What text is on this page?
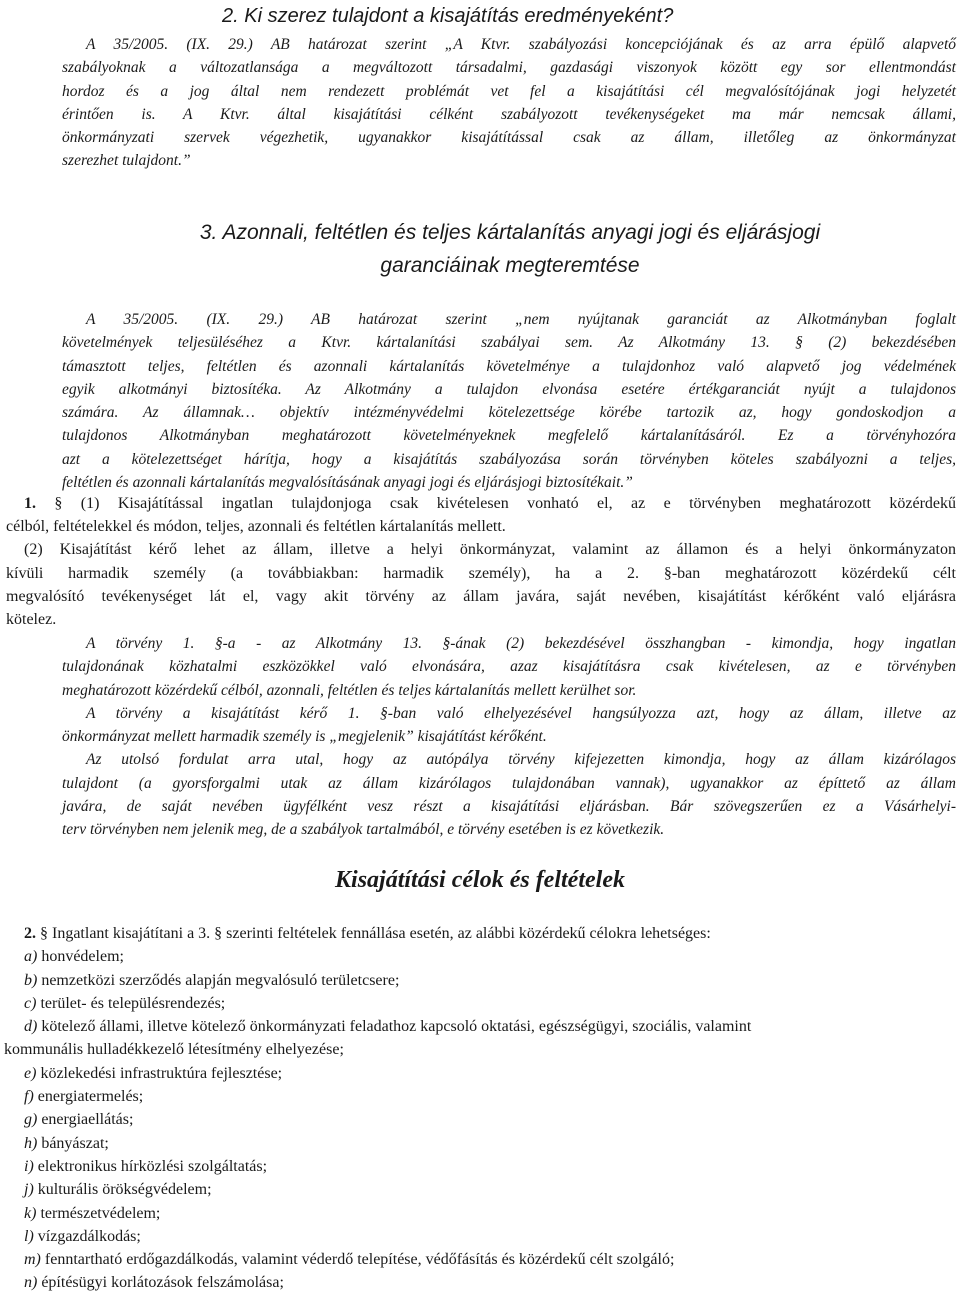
2. Ki szerez tulajdont a kisajátítás eredményeként?
A 35/2005. (IX. 29.) AB határozat szerint „A Ktvr. szabályozási koncepciójának és az arra épülő alapvető
szabályoknak a változatlansága a megváltozott társadalmi, gazdasági viszonyok között egy sor ellentmondást
hordoz és a jog által nem rendezett problémát vet fel a kisajátítási cél megvalósítójának jogi helyzetét
érintően is. A Ktvr. által kisajátítási célként szabályozott tevékenységeket ma már nemcsak állami,
önkormányzati szervek végezhetik, ugyanakkor kisajátítással csak az állam, illetőleg az önkormányzat
szerezhet tulajdont.”
3. Azonnali, feltétlen és teljes kártalanítás anyagi jogi és eljárásjogi
garanciáinak megteremtése
A 35/2005. (IX. 29.) AB határozat szerint „nem nyújtanak garanciát az Alkotmányban foglalt
követelmények teljesüléséhez a Ktvr. kártalanítási szabályai sem. Az Alkotmány 13. § (2) bekezdésében
támasztott teljes, feltétlen és azonnali kártalanítás követelménye a tulajdonhoz való alapvető jog védelmének
egyik alkotmányi biztosítéka. Az Alkotmány a tulajdon elvonása esetére értékgaranciát nyújt a tulajdonos
számára. Az államnak… objektív intézményvédelmi kötelezettsége körébe tartozik az, hogy gondoskodjon a
tulajdonos Alkotmányban meghatározott követelményeknek megfelelő kártalanításáról. Ez a törvényhozóra
azt a kötelezettséget hárítja, hogy a kisajátítás szabályozása során törvényben köteles szabályozni a teljes,
feltétlen és azonnali kártalanítás megvalósításának anyagi jogi és eljárásjogi biztosítékait.”
1. § (1) Kisajátítással ingatlan tulajdonjoga csak kivételesen vonható el, az e törvényben meghatározott közérdekű
célból, feltételekkel és módon, teljes, azonnali és feltétlen kártalanítás mellett.
(2) Kisajátítást kérő lehet az állam, illetve a helyi önkormányzat, valamint az államon és a helyi önkormányzaton
kívüli harmadik személy (a továbbiakban: harmadik személy), ha a 2. §-ban meghatározott közérdekű célt
megvalósító tevékenységet lát el, vagy akit törvény az állam javára, saját nevében, kisajátítást kérőként való eljárásra
kötelez.
A törvény 1. §-a - az Alkotmány 13. §-ának (2) bekezdésével összhangban - kimondja, hogy ingatlan
tulajdonának közhatalmi eszközökkel való elvonására, azaz kisajátításra csak kivételesen, az e törvényben
meghatározott közérdekű célból, azonnali, feltétlen és teljes kártalanítás mellett kerülhet sor.
A törvény a kisajátítást kérő 1. §-ban való elhelyezésével hangsúlyozza azt, hogy az állam, illetve az
önkormányzat mellett harmadik személy is „megjelenik” kisajátítást kérőként.
Az utolsó fordulat arra utal, hogy az autópálya törvény kifejezetten kimondja, hogy az állam kizárólagos
tulajdont (a gyorsforgalmi utak az állam kizárólagos tulajdonában vannak), ugyanakkor az építtető az állam
javára, de saját nevében ügyfélként vesz részt a kisajátítási eljárásban. Bár szövegszerűen ez a Vásárhelyi-
terv törvényben nem jelenik meg, de a szabályok tartalmából, e törvény esetében is ez következik.
Kisajátítási célok és feltételek
2. § Ingatlant kisajátítani a 3. § szerinti feltételek fennállása esetén, az alábbi közérdekű célokra lehetséges:
a) honvédelem;
b) nemzetközi szerződés alapján megvalósuló területcsere;
c) terület- és településrendezés;
d) kötelező állami, illetve kötelező önkormányzati feladathoz kapcsoló oktatási, egészségügyi, szociális, valamint
kommunális hulladékkezelő létesítmény elhelyezése;
e) közlekedési infrastruktúra fejlesztése;
f) energiatermelés;
g) energiaellátás;
h) bányászat;
i) elektronikus hírközlési szolgáltatás;
j) kulturális örökségvédelem;
k) természetvédelem;
l) vízgazdálkodás;
m) fenntartható erdőgazdálkodás, valamint véderdő telepítése, védőfásítás és közérdekű célt szolgáló;
n) építésügyi korlátozások felszámolása;
